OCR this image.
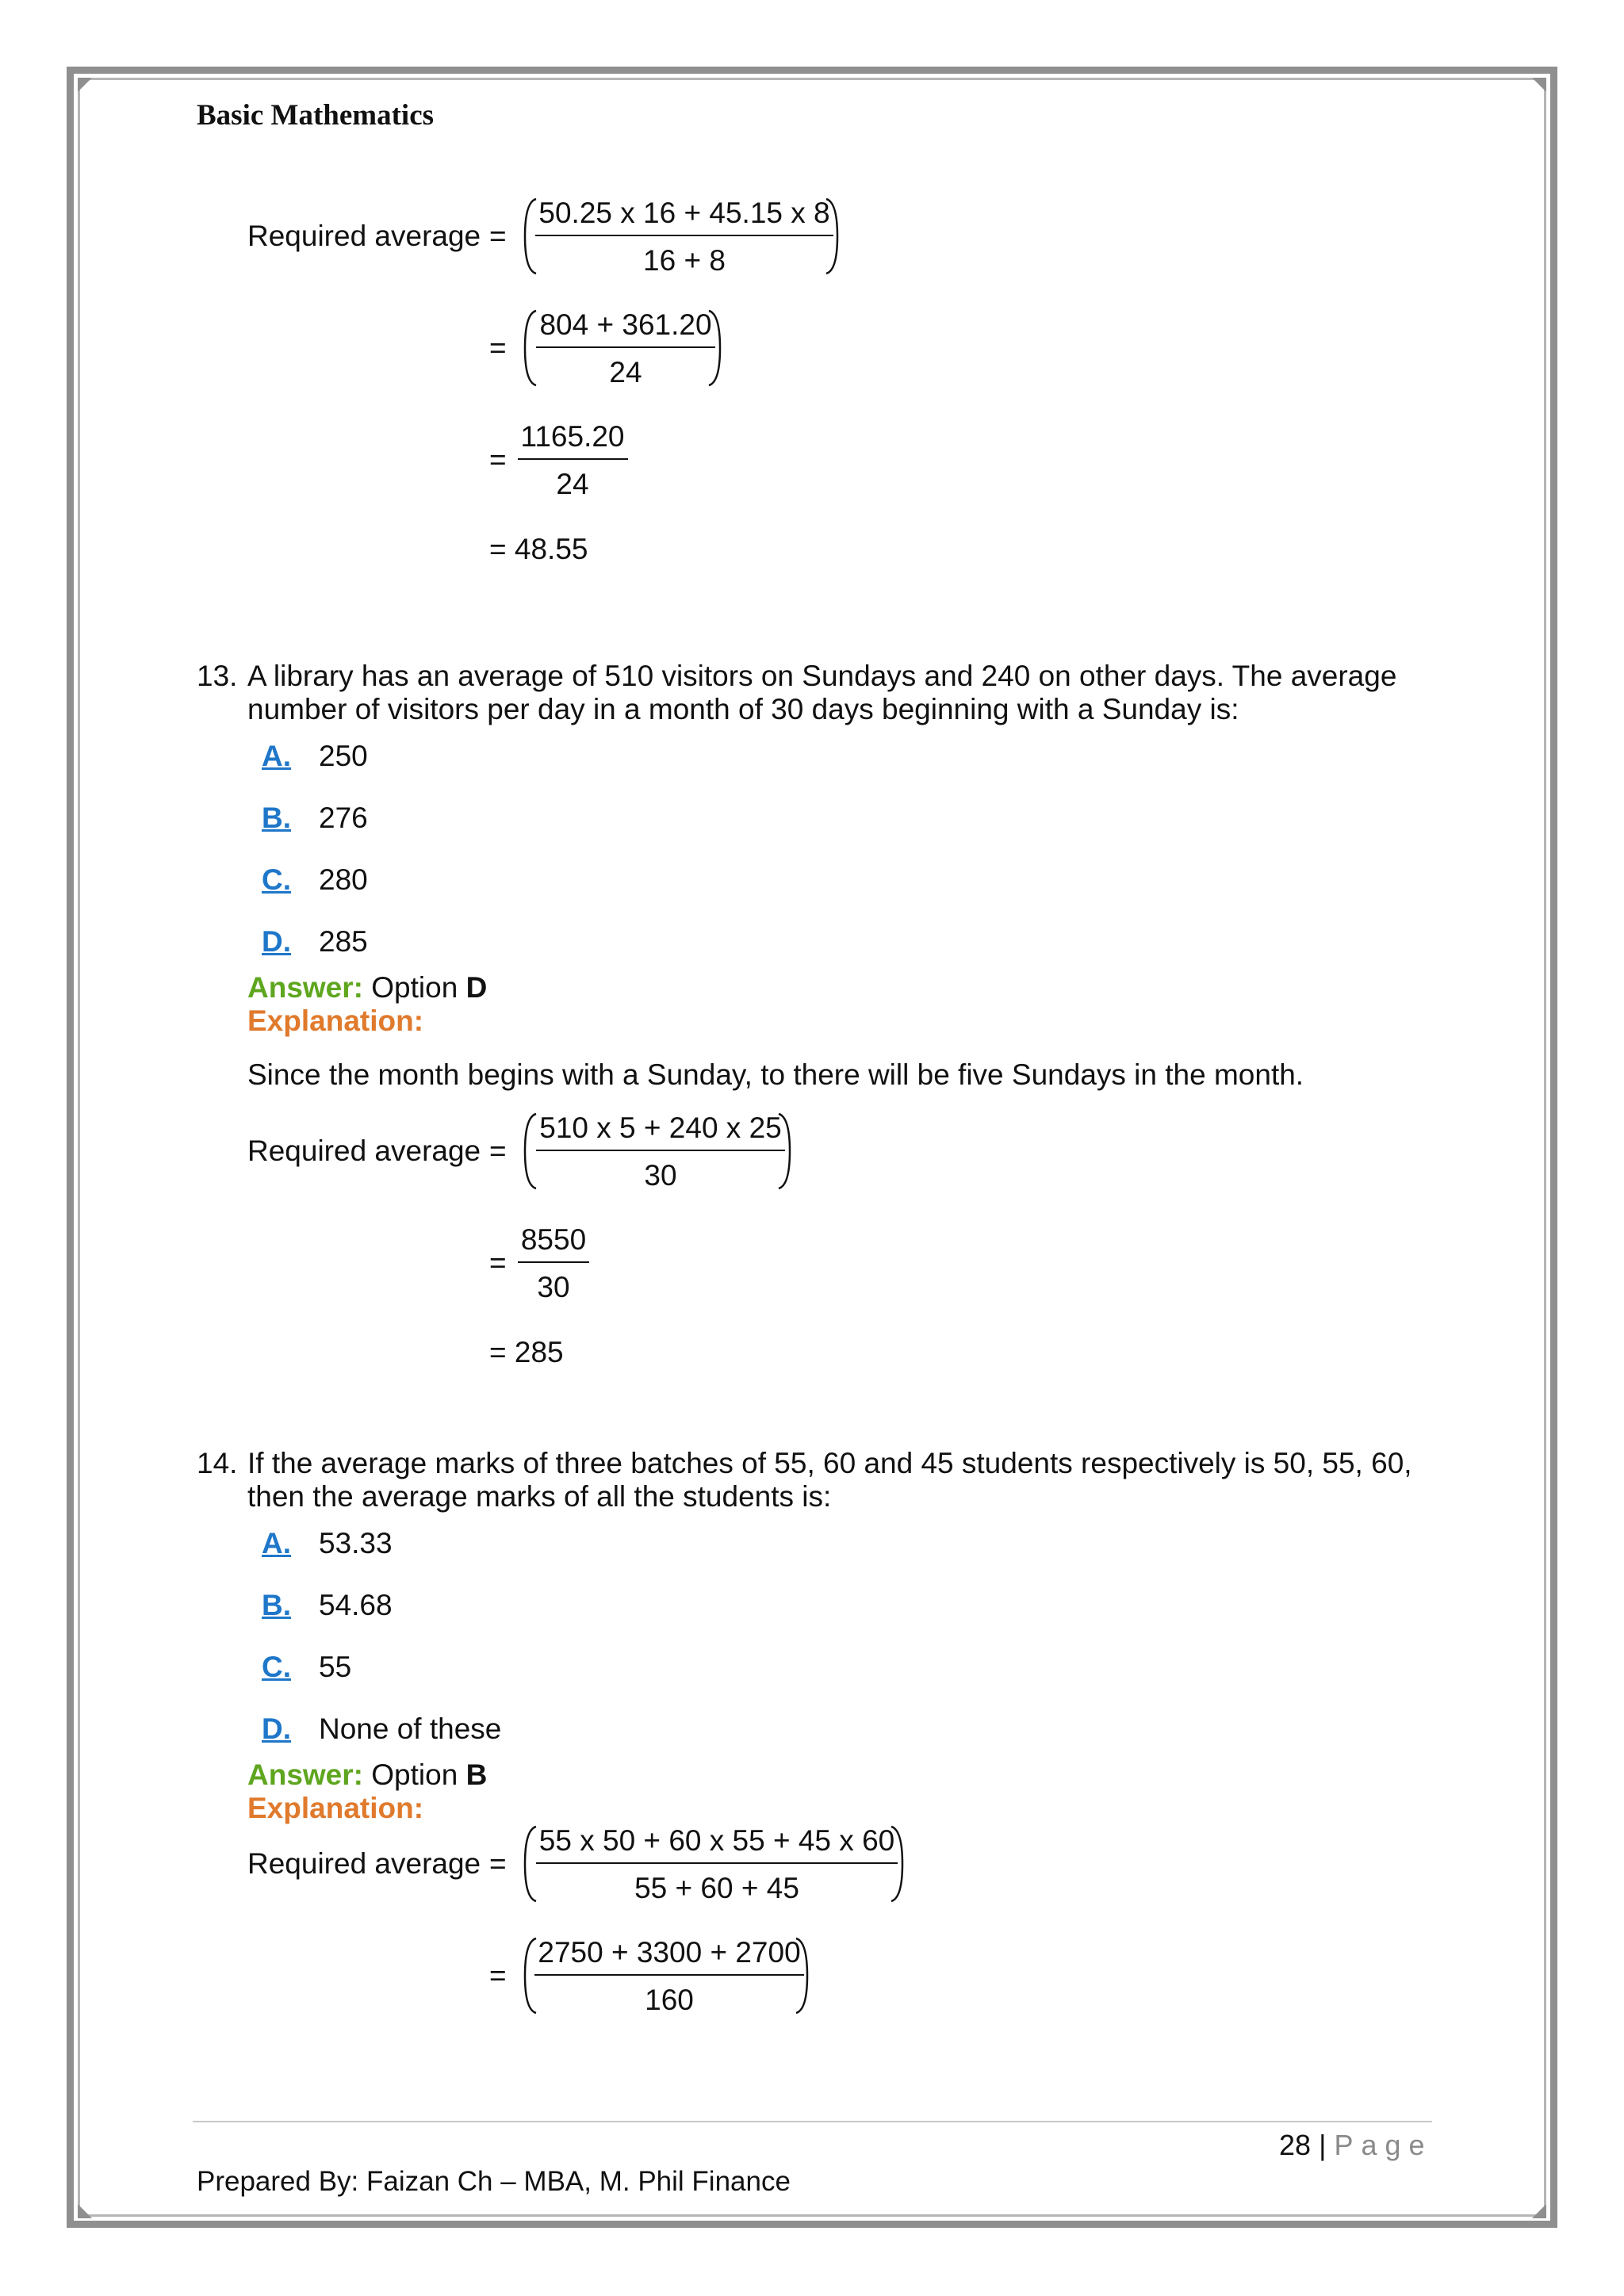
Basic Mathematics
Required average = $\frac{50.25 x 16 + 45.15 x 8}{16 + 8}$
= $\frac{804 + 361.20}{24}$
= $\frac{1165.20}{24}$
= 48.55
13. A library has an average of 510 visitors on Sundays and 240 on other days. The average
number of visitors per day in a month of 30 days beginning with a Sunday is:
A. 250
B. 276
C. 280
D. 285
Answer: Option D
Explanation:
Since the month begins with a Sunday, to there will be five Sundays in the month.
Required average = $\frac{510 x 5 + 240 x 25}{30}$
= $\frac{8550}{30}$
= 285
14. If the average marks of three batches of 55, 60 and 45 students respectively is 50, 55, 60,
then the average marks of all the students is:
A. 53.33
B. 54.68
C. 55
D. None of these
Answer: Option B
Explanation:
Required average = $\frac{55 x 50 + 60 x 55 + 45 x 60}{55 + 60 + 45}$
= $\frac{2750 + 3300 + 2700}{160}$
28 | Page
Prepared By: Faizan Ch – MBA, M. Phil Finance
